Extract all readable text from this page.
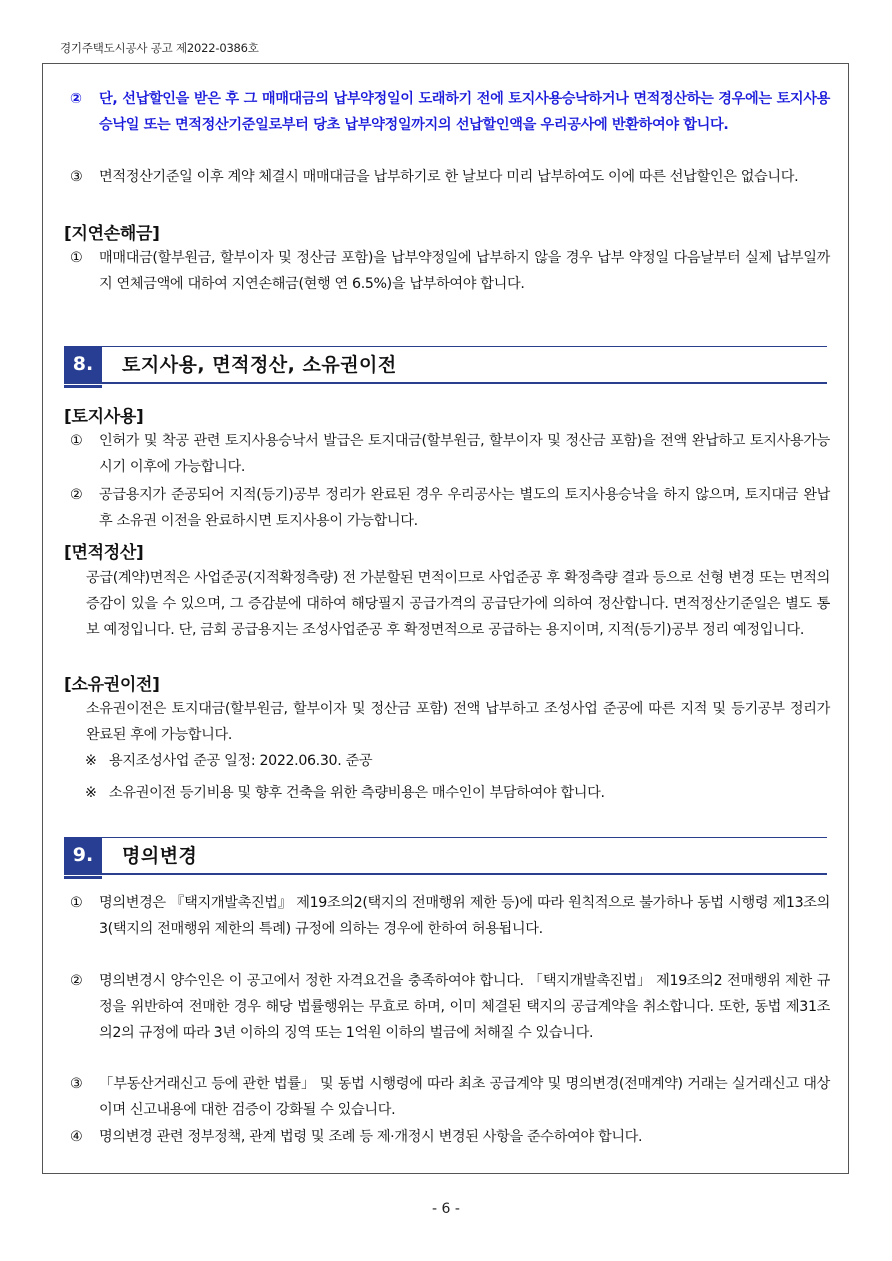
경기주택도시공사 공고 제2022-0386호
②	단, 선납할인을 받은 후 그 매매대금의 납부약정일이 도래하기 전에 토지사용승낙하거나 면적정산하는 경우에는 토지사용승낙일 또는 면적정산기준일로부터 당초 납부약정일까지의 선납할인액을 우리공사에 반환하여야 합니다.
③	면적정산기준일 이후 계약 체결시 매매대금을 납부하기로 한 날보다 미리 납부하여도 이에 따른 선납할인은 없습니다.
[지연손해금]
①	매매대금(할부원금, 할부이자 및 정산금 포함)을 납부약정일에 납부하지 않을 경우 납부 약정일 다음날부터 실제 납부일까지 연체금액에 대하여 지연손해금(현행 연 6.5%)을 납부하여야 합니다.
8.	토지사용, 면적정산, 소유권이전
[토지사용]
①	인허가 및 착공 관련 토지사용승낙서 발급은 토지대금(할부원금, 할부이자 및 정산금 포함)을 전액 완납하고 토지사용가능시기 이후에 가능합니다.
②	공급용지가 준공되어 지적(등기)공부 정리가 완료된 경우 우리공사는 별도의 토지사용승낙을 하지 않으며, 토지대금 완납 후 소유권 이전을 완료하시면 토지사용이 가능합니다.
[면적정산]
공급(계약)면적은 사업준공(지적확정측량) 전 가분할된 면적이므로 사업준공 후 확정측량 결과 등으로 선형 변경 또는 면적의 증감이 있을 수 있으며, 그 증감분에 대하여 해당필지 공급가격의 공급단가에 의하여 정산합니다. 면적정산기준일은 별도 통보 예정입니다. 단, 금회 공급용지는 조성사업준공 후 확정면적으로 공급하는 용지이며, 지적(등기)공부 정리 예정입니다.
[소유권이전]
소유권이전은 토지대금(할부원금, 할부이자 및 정산금 포함) 전액 납부하고 조성사업 준공에 따른 지적 및 등기공부 정리가 완료된 후에 가능합니다.
※ 용지조성사업 준공 일정: 2022.06.30. 준공
※ 소유권이전 등기비용 및 향후 건축을 위한 측량비용은 매수인이 부담하여야 합니다.
9.	명의변경
①	명의변경은 『택지개발촉진법』 제19조의2(택지의 전매행위 제한 등)에 따라 원칙적으로 불가하나 동법 시행령 제13조의3(택지의 전매행위 제한의 특례) 규정에 의하는 경우에 한하여 허용됩니다.
②	명의변경시 양수인은 이 공고에서 정한 자격요건을 충족하여야 합니다. 「택지개발촉진법」 제19조의2 전매행위 제한 규정을 위반하여 전매한 경우 해당 법률행위는 무효로 하며, 이미 체결된 택지의 공급계약을 취소합니다. 또한, 동법 제31조의2의 규정에 따라 3년 이하의 징역 또는 1억원 이하의 벌금에 처해질 수 있습니다.
③	「부동산거래신고 등에 관한 법률」 및 동법 시행령에 따라 최초 공급계약 및 명의변경(전매계약) 거래는 실거래신고 대상이며 신고내용에 대한 검증이 강화될 수 있습니다.
④	명의변경 관련 정부정책, 관계 법령 및 조례 등 제·개정시 변경된 사항을 준수하여야 합니다.
- 6 -
